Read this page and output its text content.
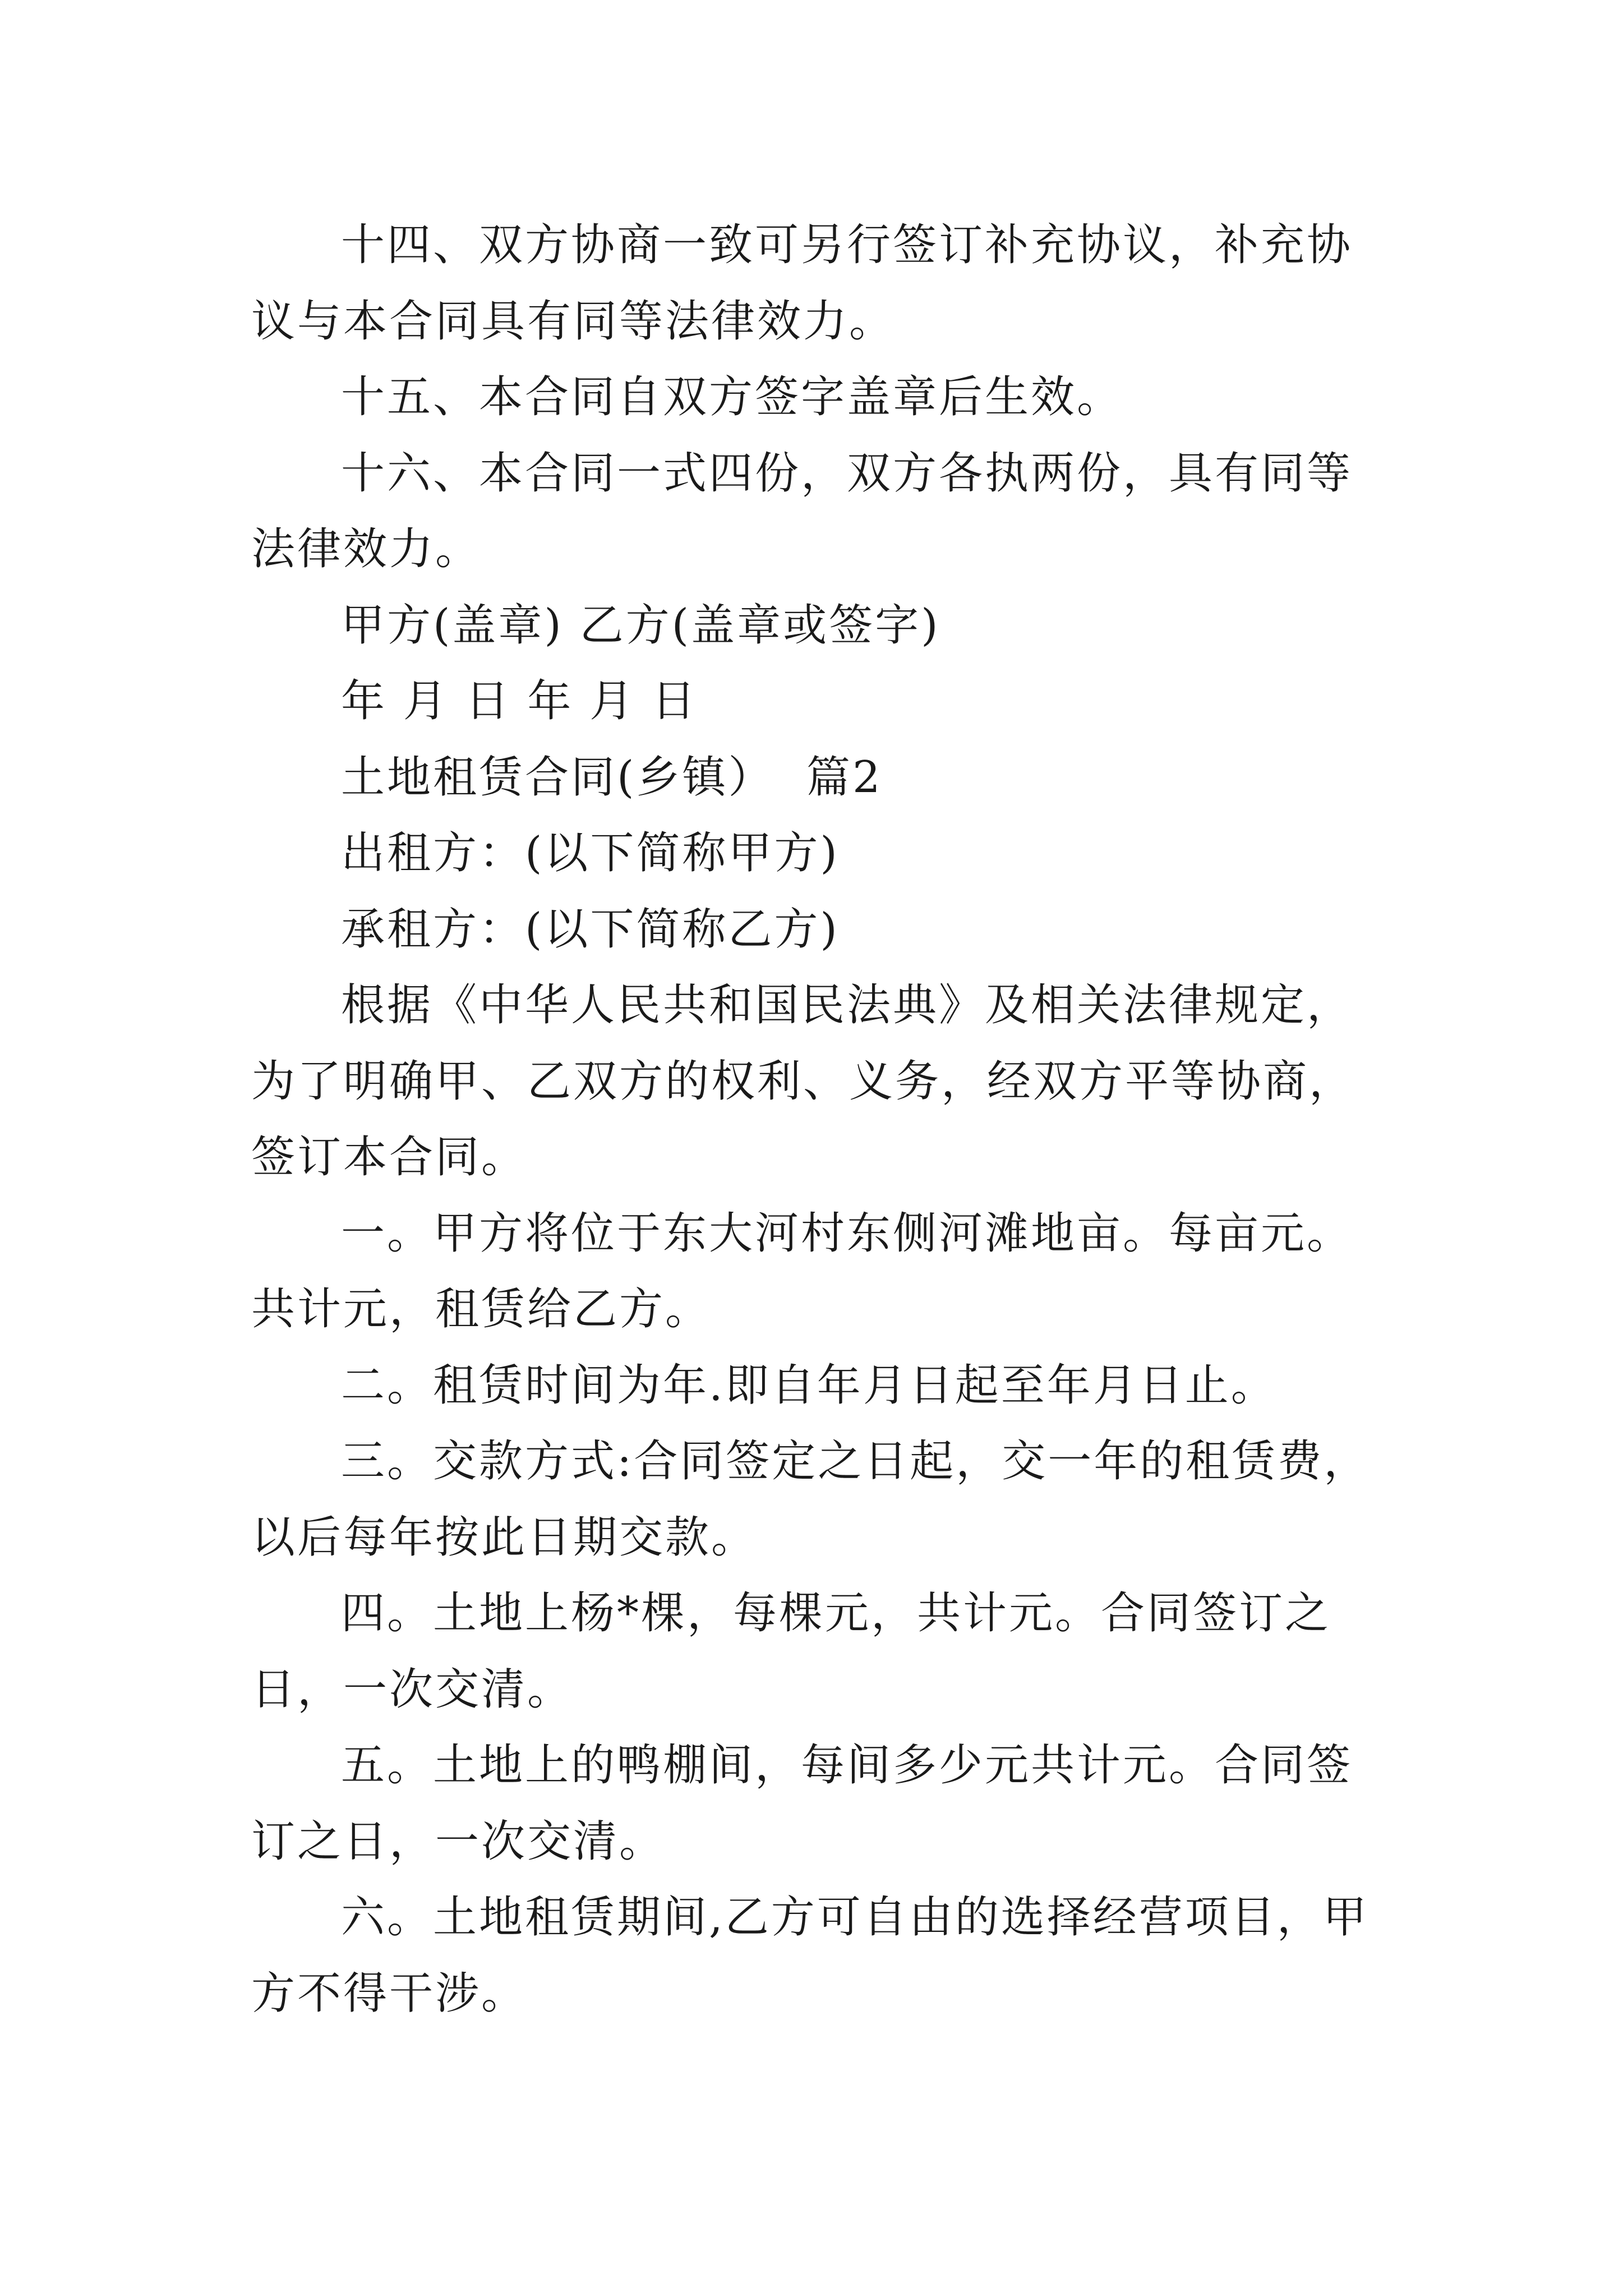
十四、双方协商一致可另行签订补充协议，补充协议与本合同具有同等法律效力。

十五、本合同自双方签字盖章后生效。

十六、本合同一式四份，双方各执两份，具有同等法律效力。

甲方(盖章) 乙方(盖章或签字)

年 月 日 年 月 日

土地租赁合同(乡镇）  篇2

出租方：(以下简称甲方)

承租方：(以下简称乙方)

根据《中华人民共和国民法典》及相关法律规定，为了明确甲、乙双方的权利、义务，经双方平等协商，签订本合同。

一。甲方将位于东大河村东侧河滩地亩。每亩元。共计元，租赁给乙方。

二。租赁时间为年.即自年月日起至年月日止。

三。交款方式:合同签定之日起，交一年的租赁费，以后每年按此日期交款。

四。土地上杨*棵，每棵元，共计元。合同签订之日，一次交清。

五。土地上的鸭棚间，每间多少元共计元。合同签订之日，一次交清。

六。土地租赁期间,乙方可自由的选择经营项目，甲方不得干涉。
